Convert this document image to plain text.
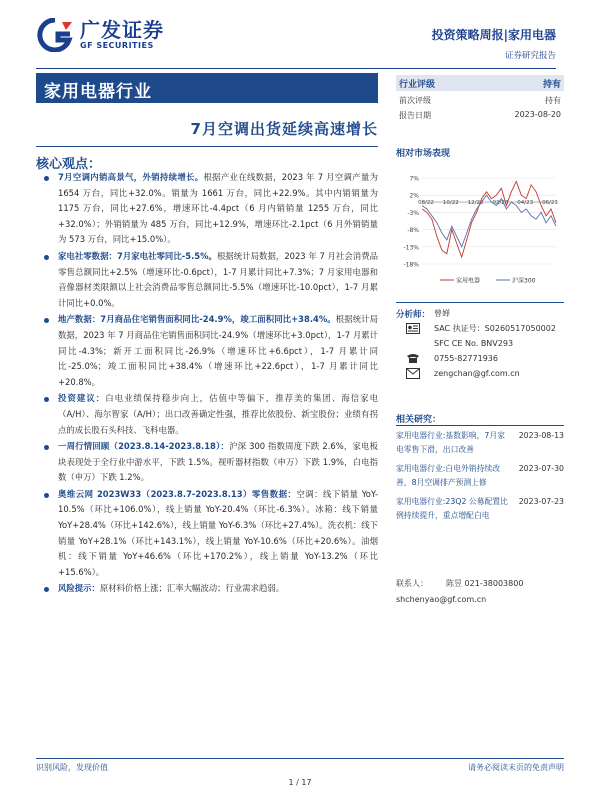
广发证券
GF SECURITIES
投资策略周报|家用电器
证券研究报告
家用电器行业
7月空调出货延续高速增长
核心观点：
7月空调内销高景气，外销持续增长。根据产业在线数据，2023 年 7 月空调产量为 1654 万台，同比+32.0%。销量为 1661 万台，同比+22.9%。其中内销销量为 1175 万台，同比+27.6%，增速环比-4.4pct（6 月内销销量 1255 万台，同比+32.0%）；外销销量为 485 万台，同比+12.9%，增速环比-2.1pct（6 月外销销量为 573 万台，同比+15.0%）。
家电社零数据：7月家电社零同比-5.5%。根据统计局数据，2023 年 7 月社会消费品零售总额同比+2.5%（增速环比-0.6pct），1-7 月累计同比+7.3%；7 月家用电器和音像器材类限额以上社会消费品零售总额同比-5.5%（增速环比-10.0pct），1-7 月累计同比+0.0%。
地产数据：7月商品住宅销售面积同比-24.9%，竣工面积同比+38.4%。根据统计局数据，2023 年 7 月商品住宅销售面积同比-24.9%（增速环比+3.0pct），1-7 月累计同比-4.3%；新开工面积同比-26.9%（增速环比+6.6pct），1-7 月累计同比-25.0%；竣工面积同比+38.4%（增速环比+22.6pct），1-7 月累计同比+20.8%。
投资建议：白电业绩保持稳步向上，估值中等偏下，推荐美的集团、海信家电（A/H）、海尔智家（A/H）；出口改善确定性强，推荐比依股份、新宝股份；业绩有拐点的成长股石头科技、飞科电器。
一周行情回顾（2023.8.14-2023.8.18）：沪深 300 指数周度下跌 2.6%，家电板块表现处于全行业中游水平，下跌 1.5%。视听器材指数（申万）下跌 1.9%，白电指数（申万）下跌 1.2%。
奥维云网 2023W33（2023.8.7-2023.8.13）零售数据：空调：线下销量 YoY-10.5%（环比+106.0%），线上销量 YoY-20.4%（环比-6.3%）。冰箱：线下销量 YoY+28.4%（环比+142.6%），线上销量 YoY-6.3%（环比+27.4%）。洗衣机：线下销量 YoY+28.1%（环比+143.1%），线上销量 YoY-10.6%（环比+20.6%）。油烟机：线下销量 YoY+46.6%（环比+170.2%），线上销量 YoY-13.2%（环比+15.6%）。
风险提示：原材料价格上涨；汇率大幅波动；行业需求趋弱。
行业评级	持有
前次评级	持有
报告日期	2023-08-20
相对市场表现
7%
2%
-3%
-8%
-13%
-18%
08/22 10/22 12/22 02/23 04/23 06/23
家用电器	沪深300
分析师： 曾婵
SAC 执证号：S0260517050002
SFC CE No. BNV293
0755-82771936
zengchan@gf.com.cn
相关研究：
家用电器行业:基数影响，7月家电零售下滑，出口改善
2023-08-13
家用电器行业:白电外销持续改善，8月空调排产预测上修
2023-07-30
家用电器行业:23Q2 公募配置比例持续提升，重点增配白电
2023-07-23
联系人：	陈昱 021-38003800
shchenyao@gf.com.cn
识别风险，发现价值	请务必阅读末页的免责声明
1 / 17
